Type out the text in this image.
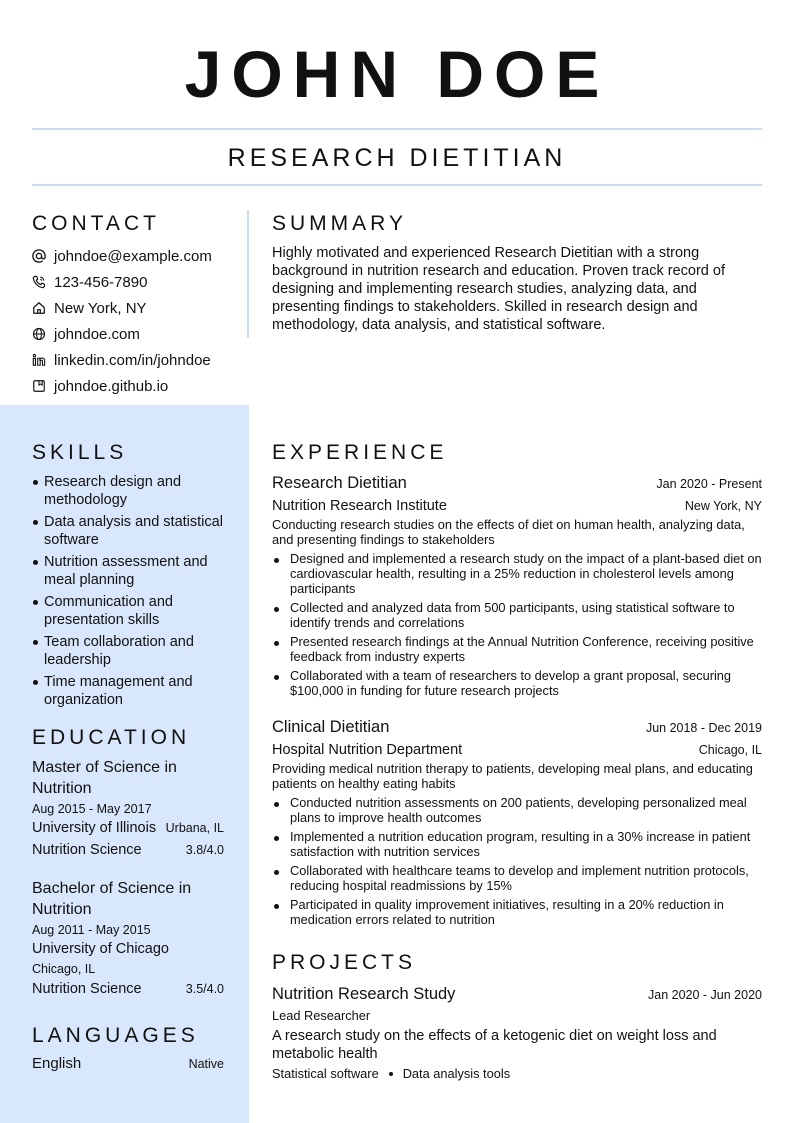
JOHN DOE
RESEARCH DIETITIAN
CONTACT
johndoe@example.com
123-456-7890
New York, NY
johndoe.com
linkedin.com/in/johndoe
johndoe.github.io
SUMMARY

Highly motivated and experienced Research Dietitian with a strong background in nutrition research and education. Proven track record of designing and implementing research studies, analyzing data, and presenting findings to stakeholders. Skilled in research design and methodology, data analysis, and statistical software.

SKILLS
Research design and methodology
Data analysis and statistical software
Nutrition assessment and meal planning
Communication and presentation skills
Team collaboration and leadership
Time management and organization
EDUCATION
Master of Science in Nutrition
Aug 2015 - May 2017
University of Illinois Urbana, IL
Nutrition Science	3.8/4.0
Bachelor of Science in Nutrition
Aug 2011 - May 2015
University of Chicago
Chicago, IL
Nutrition Science	3.5/4.0
LANGUAGES
English	Native
EXPERIENCE
Research Dietitian	Jan 2020 - Present
Nutrition Research Institute	New York, NY
Conducting research studies on the effects of diet on human health, analyzing data, and presenting findings to stakeholders
Designed and implemented a research study on the impact of a plant-based diet on cardiovascular health, resulting in a 25% reduction in cholesterol levels among participants
Collected and analyzed data from 500 participants, using statistical software to identify trends and correlations
Presented research findings at the Annual Nutrition Conference, receiving positive feedback from industry experts
Collaborated with a team of researchers to develop a grant proposal, securing $100,000 in funding for future research projects
Clinical Dietitian	Jun 2018 - Dec 2019
Hospital Nutrition Department	Chicago, IL
Providing medical nutrition therapy to patients, developing meal plans, and educating patients on healthy eating habits
Conducted nutrition assessments on 200 patients, developing personalized meal plans to improve health outcomes
Implemented a nutrition education program, resulting in a 30% increase in patient satisfaction with nutrition services
Collaborated with healthcare teams to develop and implement nutrition protocols, reducing hospital readmissions by 15%
Participated in quality improvement initiatives, resulting in a 20% reduction in medication errors related to nutrition
PROJECTS
Nutrition Research Study	Jan 2020 - Jun 2020
Lead Researcher
A research study on the effects of a ketogenic diet on weight loss and metabolic health
Statistical software Data analysis tools
